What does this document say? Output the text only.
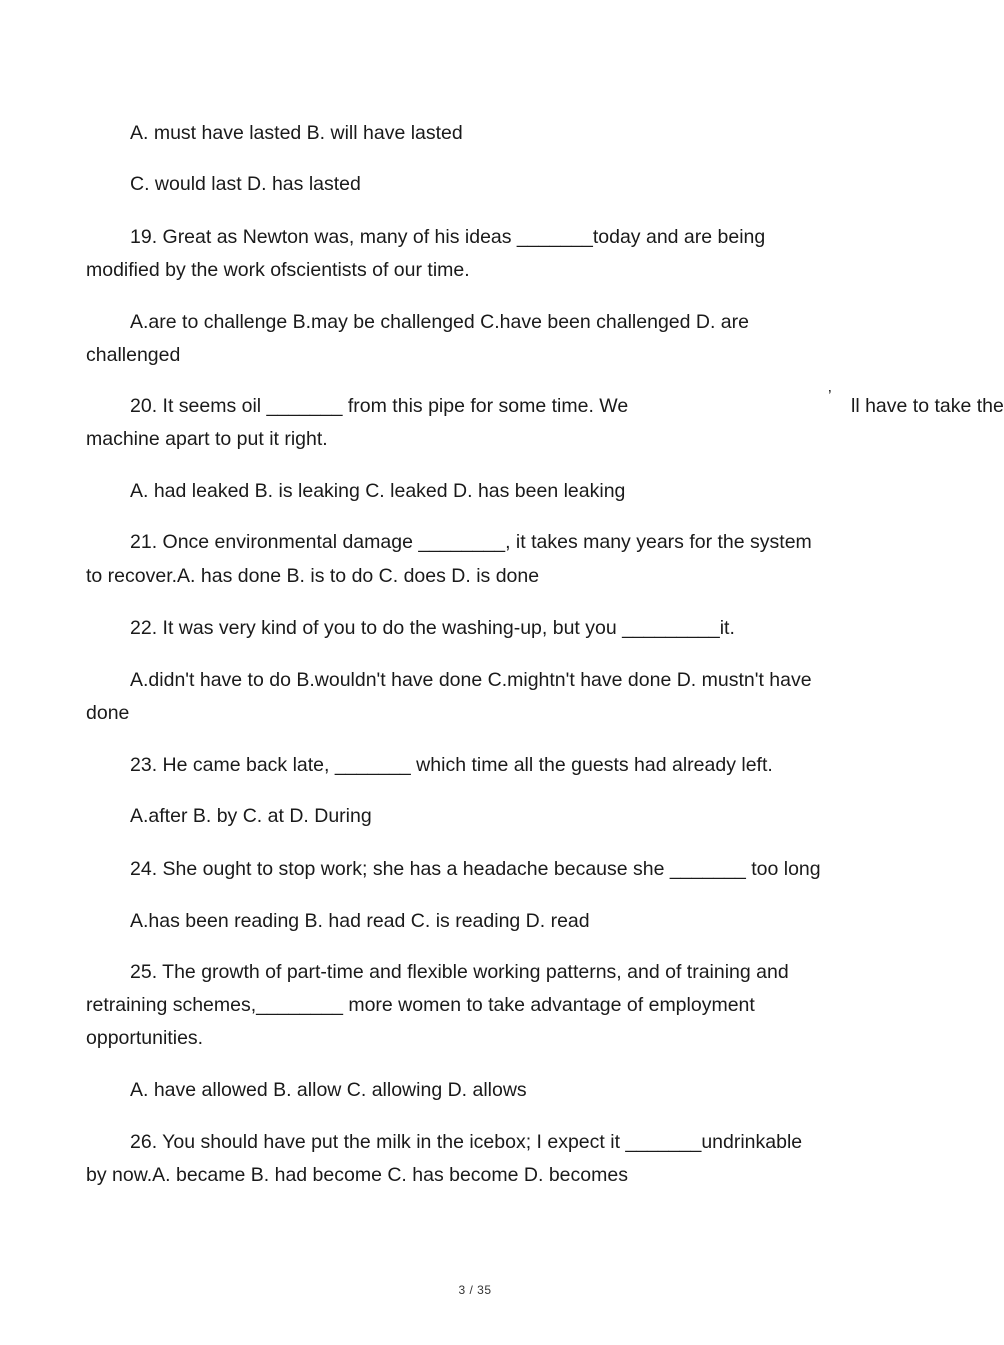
A. must have lasted B. will have lasted
C. would last D. has lasted
19. Great as Newton was, many of his ideas _______today and are being
modified by the work ofscientists of our time.
A.are to challenge B.may be challenged C.have been challenged D. are
challenged
20. It seems oil _______ from this pipe for some time. We	’ ll have to take the
machine apart to put it right.
A. had leaked B. is leaking C. leaked D. has been leaking
21. Once environmental damage ________, it takes many years for the system
to recover.A. has done B. is to do C. does D. is done
22. It was very kind of you to do the washing-up, but you _________it.
A.didn't have to do B.wouldn't have done C.mightn't have done D. mustn't have
done
23. He came back late, _______ which time all the guests had already left.
A.after B. by C. at D. During
24. She ought to stop work; she has a headache because she _______ too long
A.has been reading B. had read C. is reading D. read
25. The growth of part-time and flexible working patterns, and of training and
retraining schemes,________ more women to take advantage of employment
opportunities.
A. have allowed B. allow C. allowing D. allows
26. You should have put the milk in the icebox; I expect it _______undrinkable
by now.A. became B. had become C. has become D. becomes
3 / 35
